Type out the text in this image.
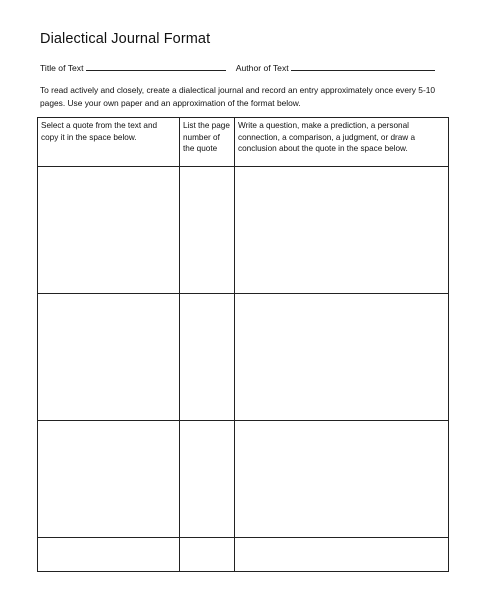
Dialectical Journal Format
Title of Text	Author of Text
To read actively and closely, create a dialectical journal and record an entry approximately once every 5-10 pages. Use your own paper and an approximation of the format below.
Select a quote from the text and copy it in the space below.	List the page number of the quote	Write a question, make a prediction, a personal connection, a comparison, a judgment, or draw a conclusion about the quote in the space below.
